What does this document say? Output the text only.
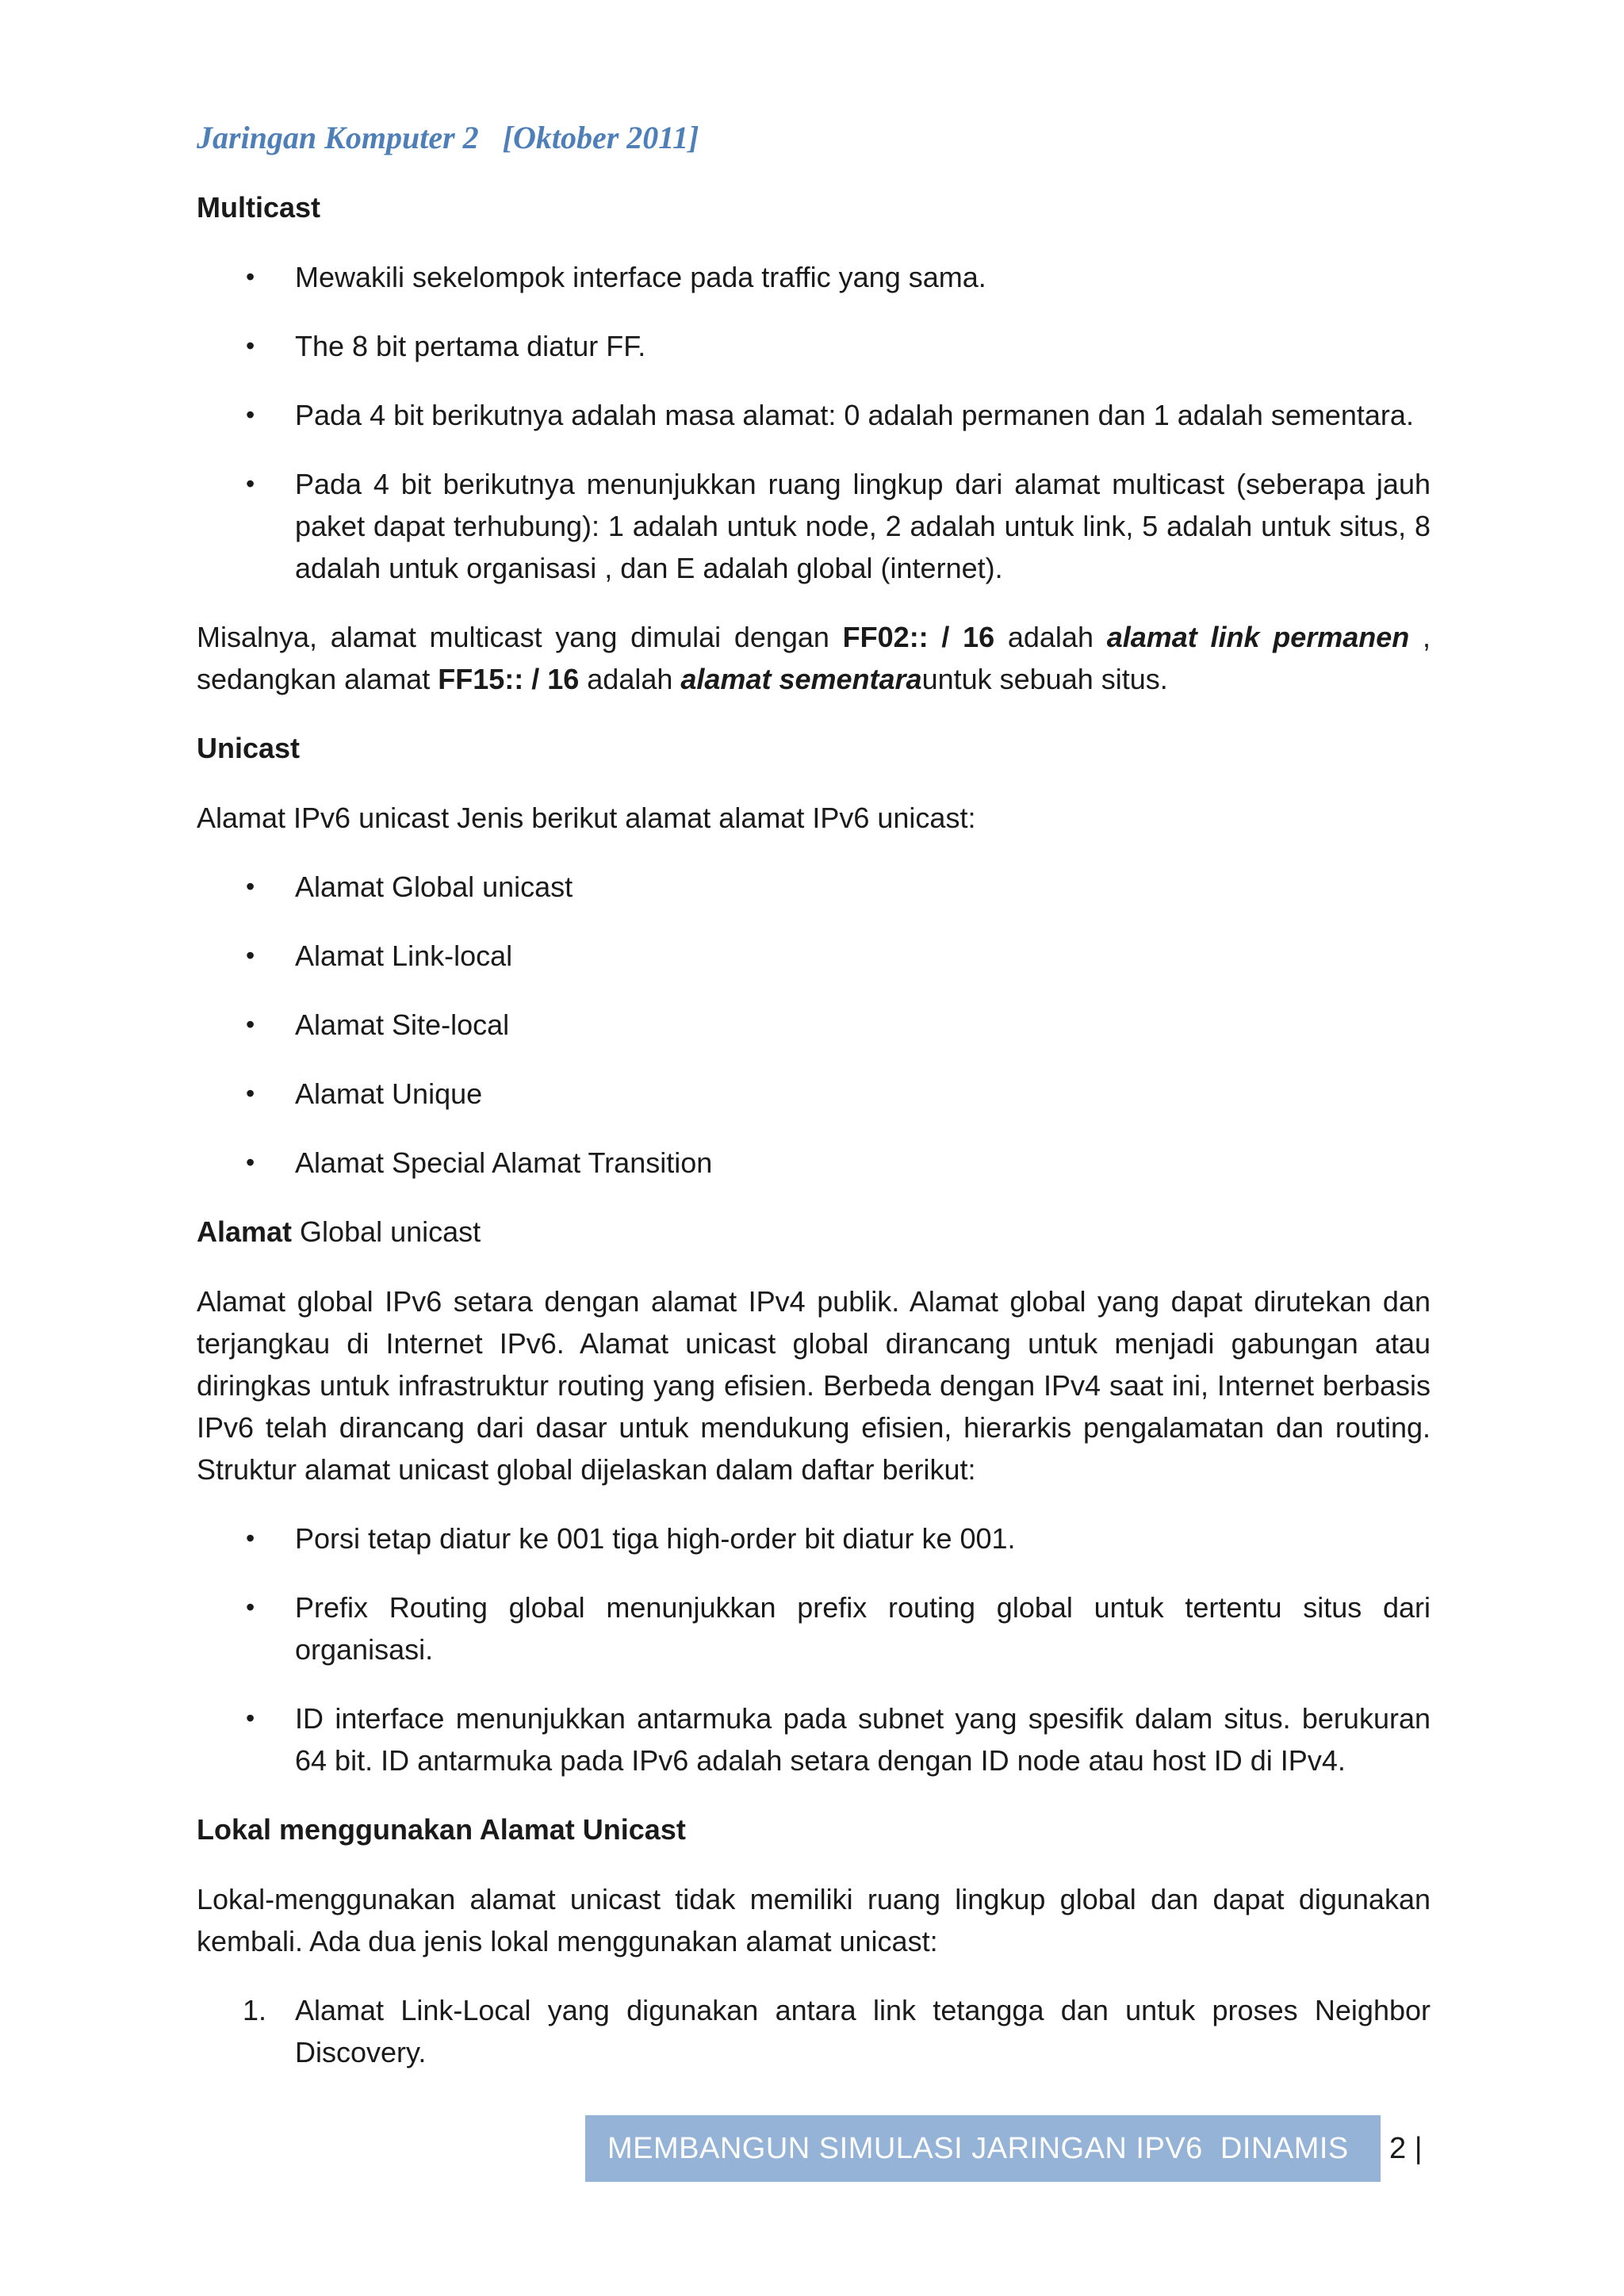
Jaringan Komputer 2   [Oktober 2011]
Multicast
• Mewakili sekelompok interface pada traffic yang sama.
• The 8 bit pertama diatur FF.
• Pada 4 bit berikutnya adalah masa alamat: 0 adalah permanen dan 1 adalah sementara.
• Pada 4 bit berikutnya menunjukkan ruang lingkup dari alamat multicast (seberapa jauh paket dapat terhubung): 1 adalah untuk node, 2 adalah untuk link, 5 adalah untuk situs, 8 adalah untuk organisasi , dan E adalah global (internet).

Misalnya, alamat multicast yang dimulai dengan FF02:: / 16 adalah alamat link permanen , sedangkan alamat FF15:: / 16 adalah alamat sementarauntuk sebuah situs.

Unicast

Alamat IPv6 unicast Jenis berikut alamat alamat IPv6 unicast:

• Alamat Global unicast
• Alamat Link-local
• Alamat Site-local
• Alamat Unique
• Alamat Special Alamat Transition
Alamat Global unicast

Alamat global IPv6 setara dengan alamat IPv4 publik. Alamat global yang dapat dirutekan dan terjangkau di Internet IPv6. Alamat unicast global dirancang untuk menjadi gabungan atau diringkas untuk infrastruktur routing yang efisien. Berbeda dengan IPv4 saat ini, Internet berbasis IPv6 telah dirancang dari dasar untuk mendukung efisien, hierarkis pengalamatan dan routing. Struktur alamat unicast global dijelaskan dalam daftar berikut:

• Porsi tetap diatur ke 001 tiga high-order bit diatur ke 001.
• Prefix Routing global menunjukkan prefix routing global untuk tertentu situs dari organisasi.
• ID interface menunjukkan antarmuka pada subnet yang spesifik dalam situs. berukuran 64 bit. ID antarmuka pada IPv6 adalah setara dengan ID node atau host ID di IPv4.
Lokal menggunakan Alamat Unicast

Lokal-menggunakan alamat unicast tidak memiliki ruang lingkup global dan dapat digunakan kembali. Ada dua jenis lokal menggunakan alamat unicast:

1. Alamat Link-Local yang digunakan antara link tetangga dan untuk proses Neighbor Discovery.
MEMBANGUN SIMULASI JARINGAN IPV6  DINAMIS 2 |
